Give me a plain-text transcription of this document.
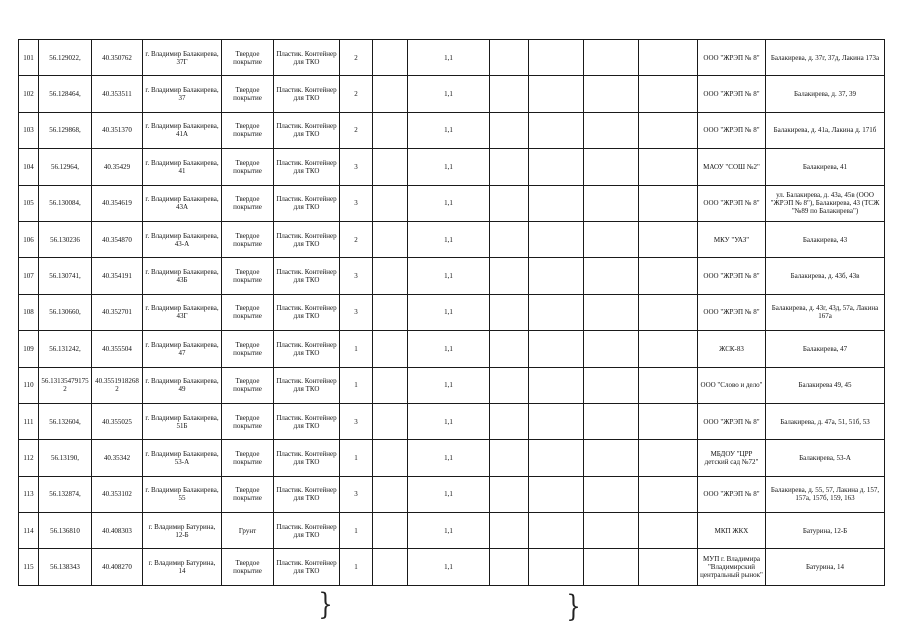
101	56.129022,	40.350762	г. Владимир Балакирева, 37Г	Твердое покрытие	Пластик. Контейнер для ТКО	2		1,1					ООО "ЖРЭП № 8"	Балакирева, д. 37г, 37д, Лакина 173а
102	56.128464,	40.353511	г. Владимир Балакирева, 37	Твердое покрытие	Пластик. Контейнер для ТКО	2		1,1					ООО "ЖРЭП № 8"	Балакирева, д. 37, 39
103	56.129868,	40.351370	г. Владимир Балакирева, 41А	Твердое покрытие	Пластик. Контейнер для ТКО	2		1,1					ООО "ЖРЭП № 8"	Балакирева, д. 41а, Лакина д. 171б
104	56.12964,	40.35429	г. Владимир Балакирева, 41	Твердое покрытие	Пластик. Контейнер для ТКО	3		1,1					МАОУ "СОШ №2"	Балакирева, 41
105	56.130084,	40.354619	г. Владимир Балакирева, 43А	Твердое покрытие	Пластик. Контейнер для ТКО	3		1,1					ООО "ЖРЭП № 8"	ул. Балакирева, д. 43а, 45в (ООО "ЖРЭП № 8"), Балакирева, 43 (ТСЖ "№89 по Балакирева")
106	56.130236	40.354870	г. Владимир Балакирева, 43-А	Твердое покрытие	Пластик. Контейнер для ТКО	2		1,1					МКУ "УАЗ"	Балакирева, 43
107	56.130741,	40.354191	г. Владимир Балакирева, 43Б	Твердое покрытие	Пластик. Контейнер для ТКО	3		1,1					ООО "ЖРЭП № 8"	Балакирева, д. 43б, 43в
108	56.130660,	40.352701	г. Владимир Балакирева, 43Г	Твердое покрытие	Пластик. Контейнер для ТКО	3		1,1					ООО "ЖРЭП № 8"	Балакирева, д. 43г, 43д, 57а, Лакина 167а
109	56.131242,	40.355504	г. Владимир Балакирева, 47	Твердое покрытие	Пластик. Контейнер для ТКО	1		1,1					ЖСК-83	Балакирева, 47
110	56.131354791752	40.35519182682	г. Владимир Балакирева, 49	Твердое покрытие	Пластик. Контейнер для ТКО	1		1,1					ООО "Слово и дело"	Балакирева 49, 45
111	56.132604,	40.355025	г. Владимир Балакирева, 51Б	Твердое покрытие	Пластик. Контейнер для ТКО	3		1,1					ООО "ЖРЭП № 8"	Балакирева, д. 47а, 51, 51б, 53
112	56.13190,	40.35342	г. Владимир Балакирева, 53-А	Твердое покрытие	Пластик. Контейнер для ТКО	1		1,1					МБДОУ "ЦРР детский сад №72"	Балакирева, 53-А
113	56.132874,	40.353102	г. Владимир Балакирева, 55	Твердое покрытие	Пластик. Контейнер для ТКО	3		1,1					ООО "ЖРЭП № 8"	Балакирева, д. 55, 57, Лакина д. 157, 157а, 157б, 159, 163
114	56.136810	40.408303	г. Владимир Батурина, 12-Б	Грунт	Пластик. Контейнер для ТКО	1		1,1					МКП ЖКХ	Батурина, 12-Б
115	56.138343	40.408270	г. Владимир Батурина, 14	Твердое покрытие	Пластик. Контейнер для ТКО	1		1,1					МУП г. Владимира "Владимирский центральный рынок"	Батурина, 14
}	}
